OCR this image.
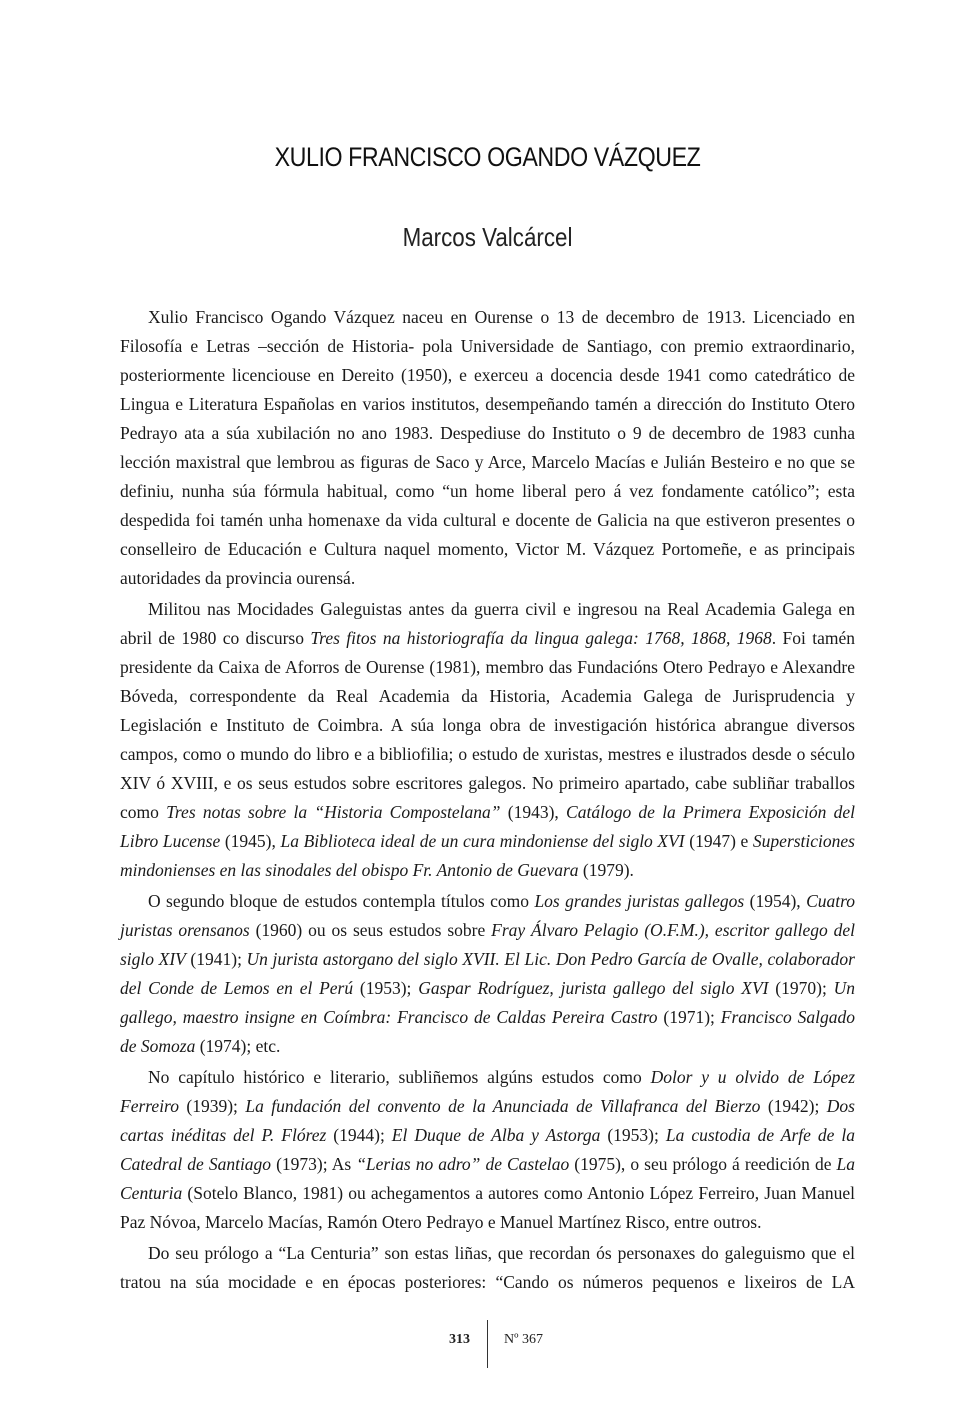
XULIO FRANCISCO OGANDO VÁZQUEZ
Marcos Valcárcel

Xulio Francisco Ogando Vázquez naceu en Ourense o 13 de decembro de 1913. Licenciado en Filosofía e Letras –sección de Historia- pola Universidade de Santiago, con premio extraordinario, posteriormente licenciouse en Dereito (1950), e exerceu a docencia desde 1941 como catedrático de Lingua e Literatura Españolas en varios institutos, desempeñando tamén a dirección do Instituto Otero Pedrayo ata a súa xubilación no ano 1983. Despediuse do Instituto o 9 de decembro de 1983 cunha lección maxistral que lembrou as figuras de Saco y Arce, Marcelo Macías e Julián Besteiro e no que se definiu, nunha súa fórmula habitual, como “un home liberal pero á vez fondamente católico”; esta despedida foi tamén unha homenaxe da vida cultural e docente de Galicia na que estiveron presentes o conselleiro de Educación e Cultura naquel momento, Victor M. Vázquez Portomeñe, e as principais autoridades da provincia ourensá.

Militou nas Mocidades Galeguistas antes da guerra civil e ingresou na Real Academia Galega en abril de 1980 co discurso Tres fitos na historiografía da lingua galega: 1768, 1868, 1968. Foi tamén presidente da Caixa de Aforros de Ourense (1981), membro das Fundacións Otero Pedrayo e Alexandre Bóveda, correspondente da Real Academia da Historia, Academia Galega de Jurisprudencia y Legislación e Instituto de Coimbra. A súa longa obra de investigación histórica abrangue diversos campos, como o mundo do libro e a bibliofilia; o estudo de xuristas, mestres e ilustrados desde o século XIV ó XVIII, e os seus estudos sobre escritores galegos. No primeiro apartado, cabe subliñar traballos como Tres notas sobre la “Historia Compostelana” (1943), Catálogo de la Primera Exposición del Libro Lucense (1945), La Biblioteca ideal de un cura mindoniense del siglo XVI (1947) e Supersticiones mindonienses en las sinodales del obispo Fr. Antonio de Guevara (1979).

O segundo bloque de estudos contempla títulos como Los grandes juristas gallegos (1954), Cuatro juristas orensanos (1960) ou os seus estudos sobre Fray Álvaro Pelagio (O.F.M.), escritor gallego del siglo XIV (1941); Un jurista astorgano del siglo XVII. El Lic. Don Pedro García de Ovalle, colaborador del Conde de Lemos en el Perú (1953); Gaspar Rodríguez, jurista gallego del siglo XVI (1970); Un gallego, maestro insigne en Coímbra: Francisco de Caldas Pereira Castro (1971); Francisco Salgado de Somoza (1974); etc.

No capítulo histórico e literario, subliñemos algúns estudos como Dolor y u olvido de López Ferreiro (1939); La fundación del convento de la Anunciada de Villafranca del Bierzo (1942); Dos cartas inéditas del P. Flórez (1944); El Duque de Alba y Astorga (1953); La custodia de Arfe de la Catedral de Santiago (1973); As “Lerias no adro” de Castelao (1975), o seu prólogo á reedición de La Centuria (Sotelo Blanco, 1981) ou achegamentos a autores como Antonio López Ferreiro, Juan Manuel Paz Nóvoa, Marcelo Macías, Ramón Otero Pedrayo e Manuel Martínez Risco, entre outros.

Do seu prólogo a “La Centuria” son estas liñas, que recordan ós personaxes do galeguismo que el tratou na súa mocidade e en épocas posteriores: “Cando os números pequenos e lixeiros de LA

313 Nº 367
